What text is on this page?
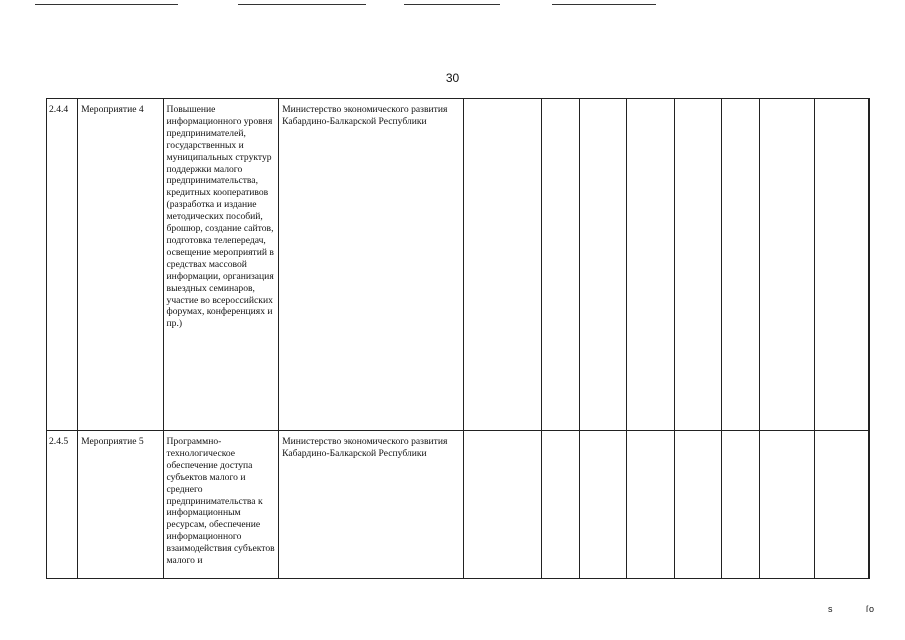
30
2.4.4	Мероприятие 4	Повышение информационного уровня предпринимателей, государственных и муниципальных структур поддержки малого предпринимательства, кредитных кооперативов (разработка и издание методических пособий, брошюр, создание сайтов, подготовка телепередач, освещение мероприятий в средствах массовой информации, организация выездных семинаров, участие во всероссийских форумах, конференциях и пр.)	Министерство экономического развития Кабардино-Балкарской Республики									

2.4.5	Мероприятие 5	Программно-технологическое обеспечение доступа субъектов малого и среднего предпринимательства к информационным ресурсам, обеспечение информационного взаимодействия субъектов малого и	Министерство экономического развития Кабардино-Балкарской Республики									

ѕ	ſo
